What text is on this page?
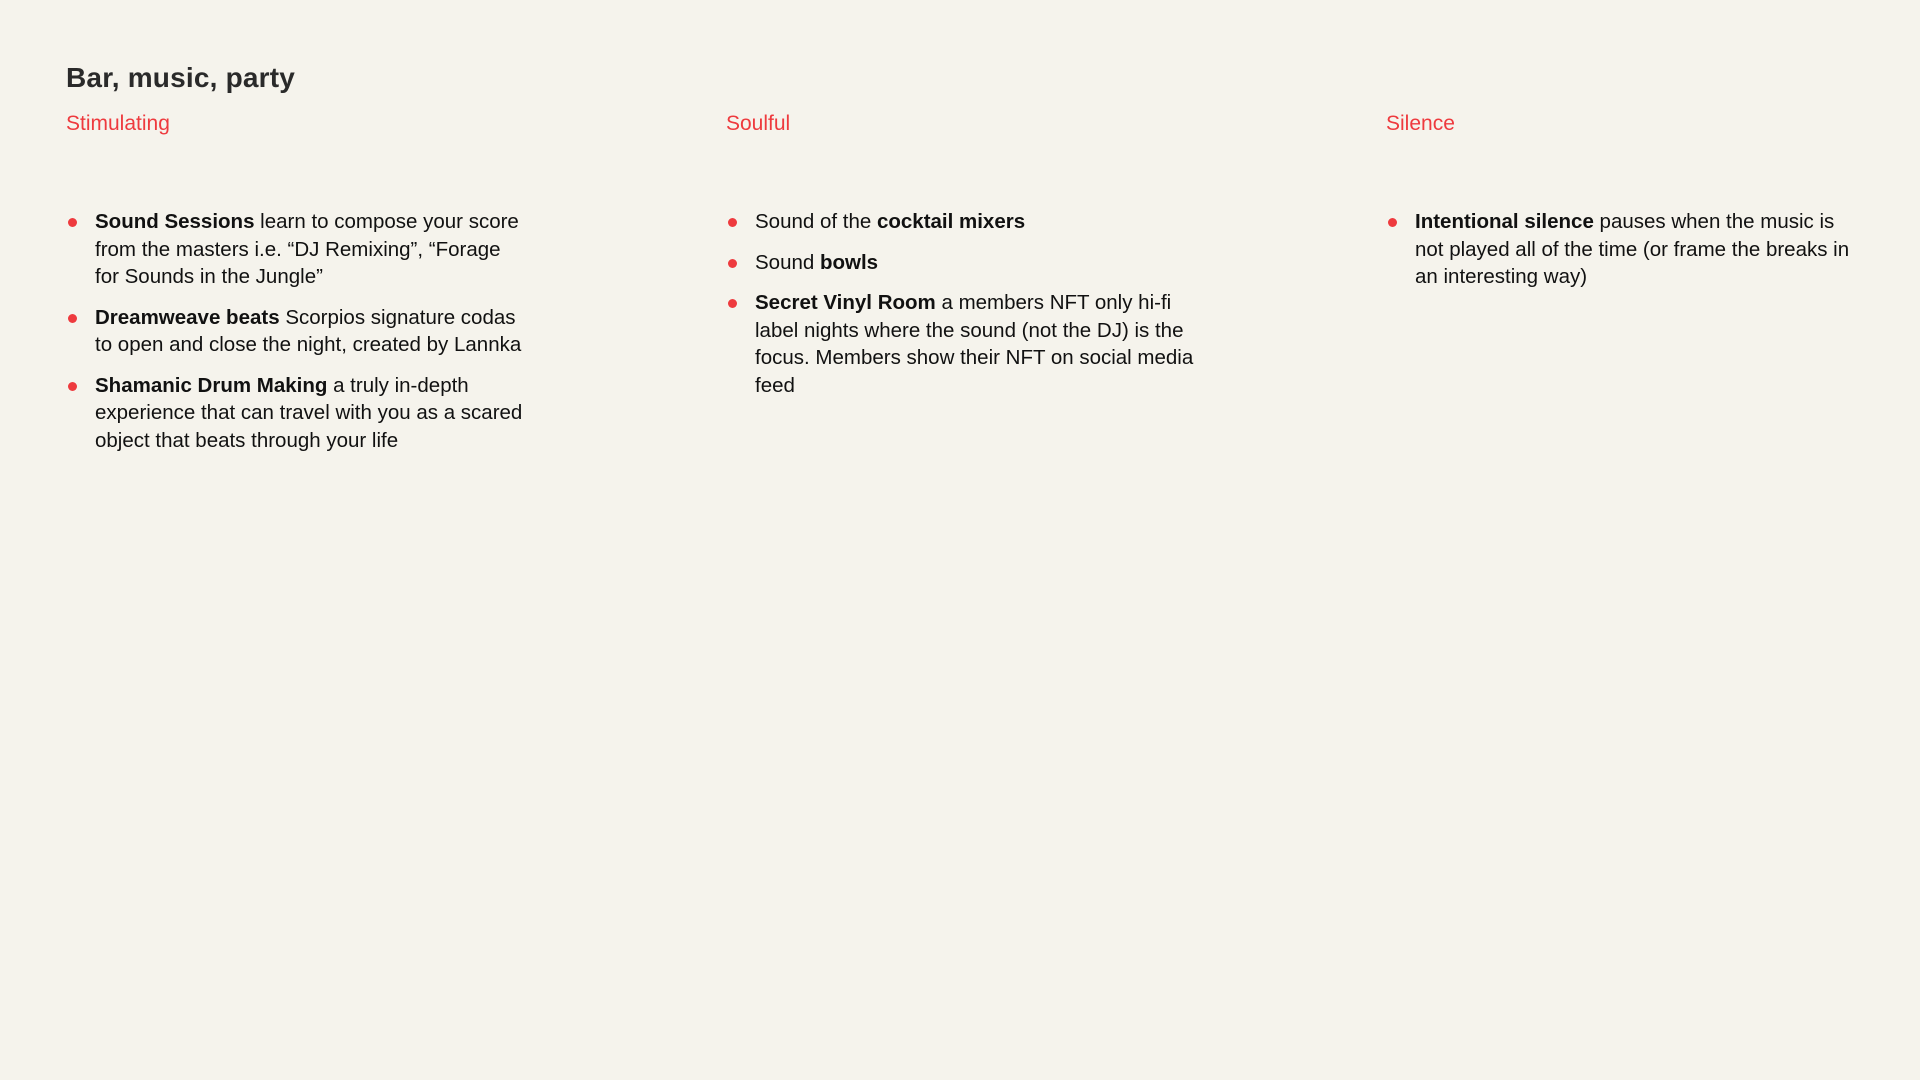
Bar, music, party
Stimulating
Sound Sessions learn to compose your score from the masters i.e. “DJ Remixing”, “Forage for Sounds in the Jungle”
Dreamweave beats Scorpios signature codas to open and close the night, created by Lannka
Shamanic Drum Making a truly in-depth experience that can travel with you as a scared object that beats through your life
Soulful
Sound of the cocktail mixers
Sound bowls
Secret Vinyl Room a members NFT only hi-fi label nights where the sound (not the DJ) is the focus. Members show their NFT on social media feed
Silence
Intentional silence pauses when the music is not played all of the time (or frame the breaks in an interesting way)
